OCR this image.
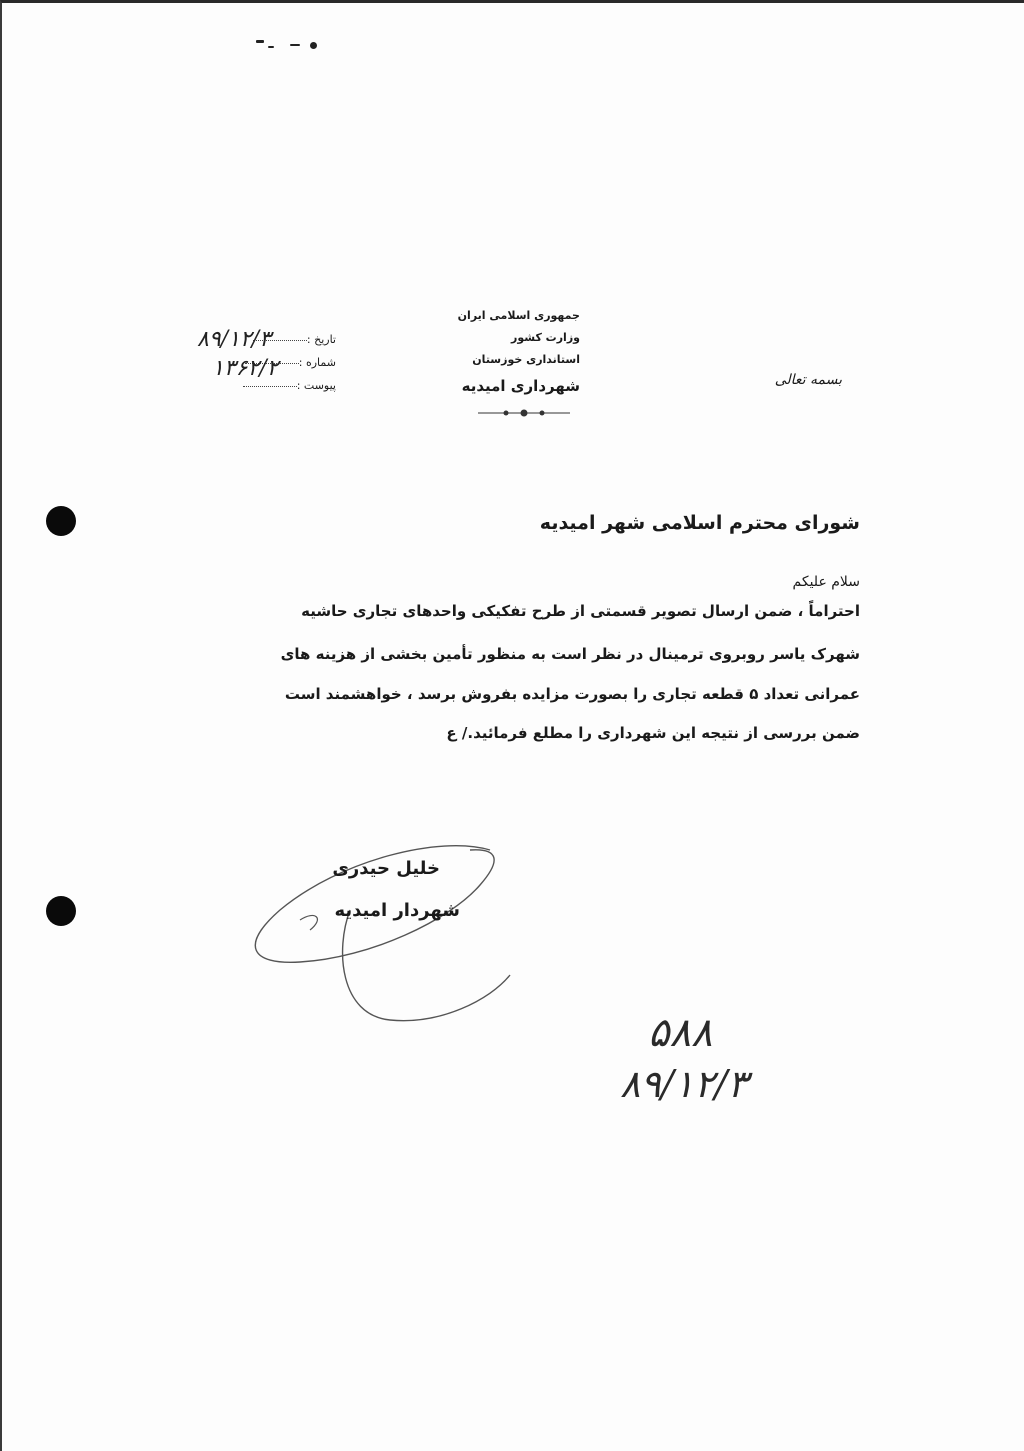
بسمه تعالی
جمهوری اسلامی ایران
وزارت کشور
استانداری خوزستان
شهرداری امیدیه
تاریخ :
شماره :
پیوست :
۸۹/۱۲/۳
۱۳۶۲/۲
شورای محترم اسلامی شهر امیدیه
سلام علیکم
احتراماً ، ضمن ارسال تصویر قسمتی از طرح تفکیکی واحدهای تجاری حاشیه
شهرک یاسر روبروی ترمینال در نظر است به منظور تأمین بخشی از هزینه های
عمرانی تعداد ۵ قطعه تجاری را بصورت مزایده بفروش برسد ، خواهشمند است
ضمن بررسی از نتیجه این شهرداری را مطلع فرمائید./ ع
خلیل حیدری
شهردار امیدیه
۵۸۸
۸۹/۱۲/۳
